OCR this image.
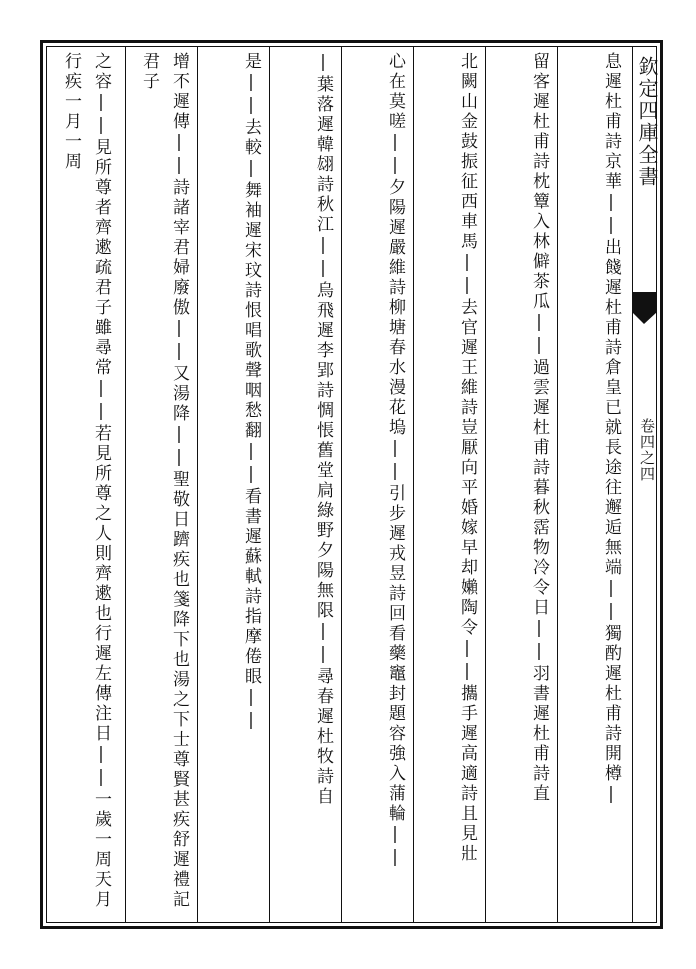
欽定四庫全書
卷四之四
息遲杜甫詩京華||出餞遲杜甫詩倉皇已就長途往邂逅無端||獨酌遲杜甫詩開樽|
留客遲杜甫詩枕簟入林僻茶瓜||過雲遲杜甫詩暮秋霑物冷令日||羽書遲杜甫詩直
北闕山金鼓振征西車馬||去官遲王維詩豈厭向平婚嫁早却嬾陶令||攜手遲高適詩且見壯
心在莫嗟||夕陽遲嚴維詩柳塘春水漫花塢||引步遲戎昱詩回看藥竈封題容強入蒲輪||
|葉落遲韓翃詩秋江||烏飛遲李郢詩惆悵舊堂扃綠野夕陽無限||尋春遲杜牧詩自
是||去較|舞袖遲宋玟詩恨唱歌聲咽愁翻||看書遲蘇軾詩指摩倦眼||
增不遲傳||詩諸宰君婦廢傲||又湯降||聖敬日躋疾也箋降下也湯之下士尊賢甚疾舒遲禮記君子
之容||見所尊者齊遬疏君子雖尋常||若見所尊之人則齊遬也行遲左傳注日||一歲一周天月行疾一月一周
